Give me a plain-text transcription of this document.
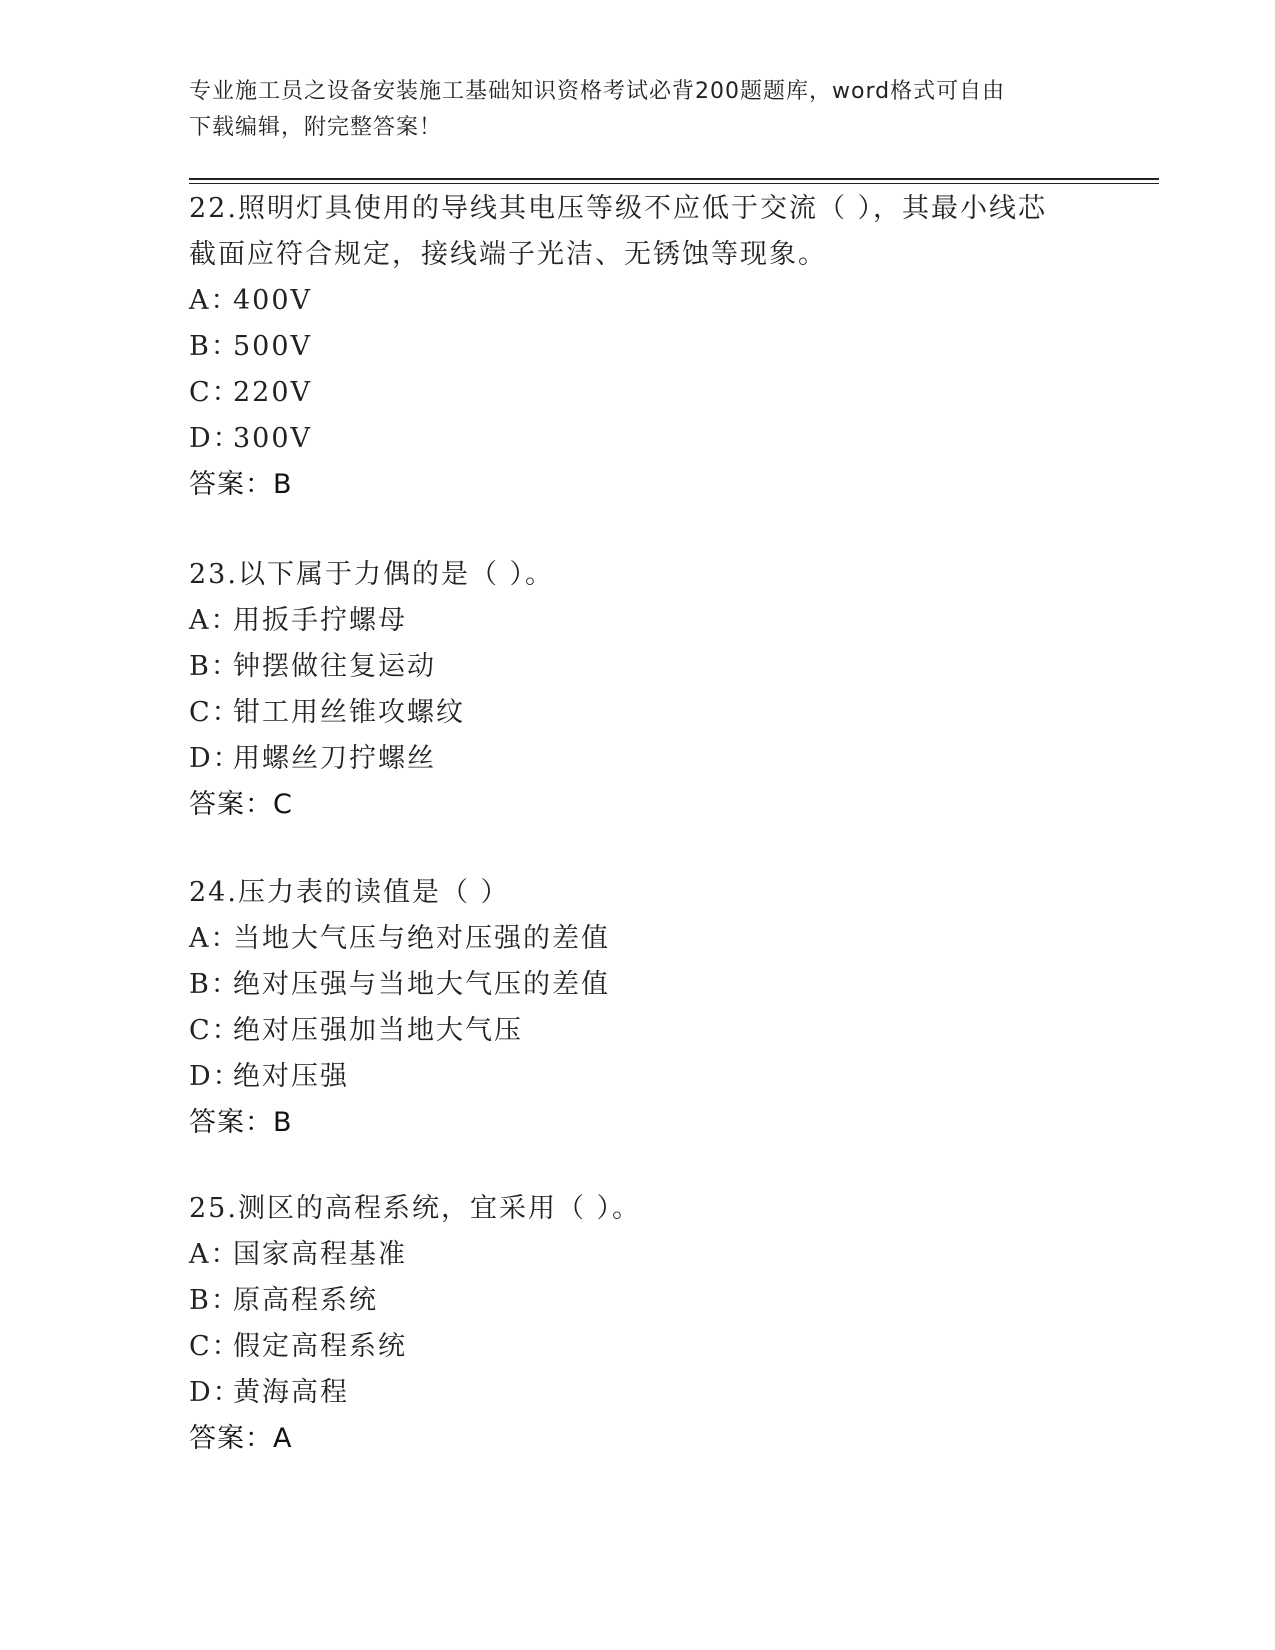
专业施工员之设备安装施工基础知识资格考试必背200题题库，word格式可自由
下载编辑，附完整答案！

22.照明灯具使用的导线其电压等级不应低于交流（ ），其最小线芯

截面应符合规定，接线端子光洁、无锈蚀等现象。

A：400V

B：500V

C：220V

D：300V

答案：B

23.以下属于力偶的是（ ）。

A：用扳手拧螺母

B：钟摆做往复运动

C：钳工用丝锥攻螺纹

D：用螺丝刀拧螺丝

答案：C

24.压力表的读值是（ ）

A：当地大气压与绝对压强的差值

B：绝对压强与当地大气压的差值

C：绝对压强加当地大气压

D：绝对压强

答案：B

25.测区的高程系统，宜采用（ ）。

A：国家高程基准

B：原高程系统

C：假定高程系统

D：黄海高程

答案：A
